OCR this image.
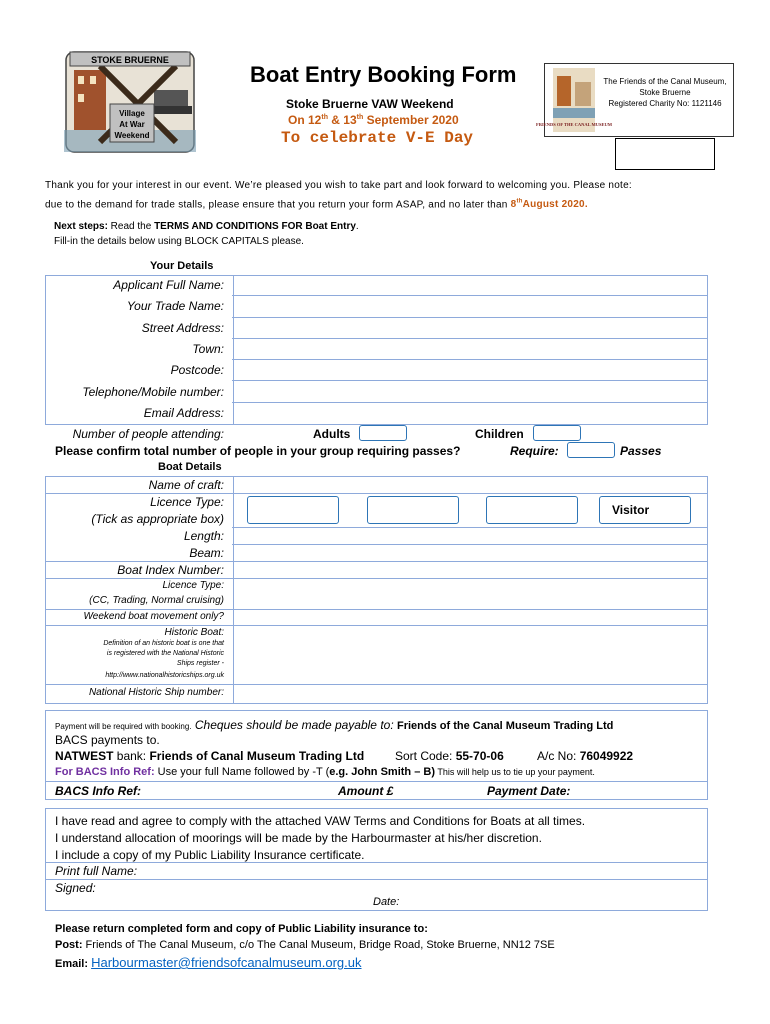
STOKE BRUERNE
Village
At War
Weekend
Boat Entry Booking Form
Stoke Bruerne VAW Weekend
On 12th & 13th September 2020
To celebrate V-E Day
FRIENDS OF THE CANAL MUSEUM
The Friends of the Canal Museum,
Stoke Bruerne
Registered Charity No: 1121146
Thank you for your interest in our event. We’re pleased you wish to take part and look forward to welcoming you. Please note:
due to the demand for trade stalls, please ensure that you return your form ASAP, and no later than 8thAugust 2020.
Next steps: Read the TERMS AND CONDITIONS FOR Boat Entry.
Fill-in the details below using BLOCK CAPITALS please.
Your Details
Applicant Full Name:
Your Trade Name:
Street Address:
Town:
Postcode:
Telephone/Mobile number:
Email Address:
Number of people attending:	Adults	Children
Please confirm total number of people in your group requiring passes?	Require:	Passes
Boat Details
Name of craft:
Licence Type:
(Tick as appropriate box)
Visitor
Length:
Beam:
Boat Index Number:
Licence Type:
(CC, Trading, Normal cruising)
Weekend boat movement only?
Historic Boat:
Definition of an historic boat is one that
is registered with the National Historic
Ships register -
http://www.nationalhistoricships.org.uk
National Historic Ship number:
Payment will be required with booking. Cheques should be made payable to: Friends of the Canal Museum Trading Ltd
BACS payments to.
NATWEST bank: Friends of Canal Museum Trading Ltd	Sort Code: 55-70-06	A/c No: 76049922
For BACS Info Ref: Use your full Name followed by -T (e.g. John Smith – B) This will help us to tie up your payment.
BACS Info Ref:	Amount £	Payment Date:
I have read and agree to comply with the attached VAW Terms and Conditions for Boats at all times.
I understand allocation of moorings will be made by the Harbourmaster at his/her discretion.
I include a copy of my Public Liability Insurance certificate.
Print full Name:
Signed:
Date:
Please return completed form and copy of Public Liability insurance to:
Post: Friends of The Canal Museum, c/o The Canal Museum, Bridge Road, Stoke Bruerne, NN12 7SE
Email: Harbourmaster@friendsofcanalmuseum.org.uk
